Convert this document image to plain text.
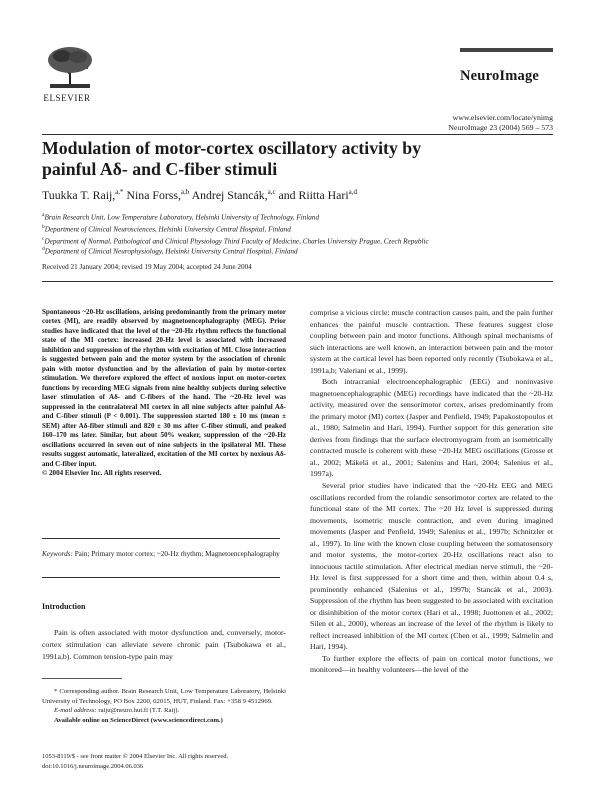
ELSEVIER
NeuroImage
www.elsevier.com/locate/ynimg
NeuroImage 23 (2004) 569 – 573
Modulation of motor-cortex oscillatory activity by painful Aδ- and C-fiber stimuli
Tuukka T. Raij,$^{a,*}$ Nina Forss,$^{a,b}$ Andrej Stancák,$^{a,c}$ and Riitta Hari$^{a,d}$
$^a$Brain Research Unit, Low Temperature Laboratory, Helsinki University of Technology, Finland
$^b$Department of Clinical Neurosciences, Helsinki University Central Hospital, Finland
$^c$Department of Normal, Pathological and Clinical Physiology Third Faculty of Medicine, Charles University Prague, Czech Republic
$^d$Department of Clinical Neurophysiology, Helsinki University Central Hospital, Finland
Received 21 January 2004; revised 19 May 2004; accepted 24 June 2004

Spontaneous ~20-Hz oscillations, arising predominantly from the primary motor cortex (MI), are readily observed by magnetoencephalography (MEG). Prior studies have indicated that the level of the ~20-Hz rhythm reflects the functional state of the MI cortex: increased 20-Hz level is associated with increased inhibition and suppression of the rhythm with excitation of MI. Close interaction is suggested between pain and the motor system by the association of chronic pain with motor dysfunction and by the alleviation of pain by motor-cortex stimulation. We therefore explored the effect of noxious input on motor-cortex functions by recording MEG signals from nine healthy subjects during selective laser stimulation of Aδ- and C-fibers of the hand. The ~20-Hz level was suppressed in the contralateral MI cortex in all nine subjects after painful Aδ- and C-fiber stimuli (P < 0.001). The suppression started 180 ± 10 ms (mean ± SEM) after Aδ-fiber stimuli and 820 ± 30 ms after C-fiber stimuli, and peaked 160–170 ms later. Similar, but about 50% weaker, suppression of the ~20-Hz oscillations occurred in seven out of nine subjects in the ipsilateral MI. These results suggest automatic, lateralized, excitation of the MI cortex by noxious Aδ- and C-fiber input.

© 2004 Elsevier Inc. All rights reserved.

Keywords: Pain; Primary motor cortex; ~20-Hz rhythm; Magnetoencephalography
Introduction

Pain is often associated with motor dysfunction and, conversely, motor-cortex stimulation can alleviate severe chronic pain (Tsubokawa et al., 1991a,b). Common tension-type pain may

* Corresponding author. Brain Research Unit, Low Temperature Laboratory, Helsinki University of Technology, PO Box 2200, 02015, HUT, Finland. Fax: +358 9 4512969.

E-mail address: raiju@neuro.hut.fi (T.T. Raij).

Available online on ScienceDirect (www.sciencedirect.com.)

1053-8119/$ - see front matter © 2004 Elsevier Inc. All rights reserved.
doi:10.1016/j.neuroimage.2004.06.036

comprise a vicious circle: muscle contraction causes pain, and the pain further enhances the painful muscle contraction. These features suggest close coupling between pain and motor functions. Although spinal mechanisms of such interactions are well known, an interaction between pain and the motor system at the cortical level has been reported only recently (Tsubokawa et al., 1991a,b; Valeriani et al., 1999).

Both intracranial electroencephalographic (EEG) and noninvasive magnetoencephalographic (MEG) recordings have indicated that the ~20-Hz activity, measured over the sensorimotor cortex, arises predominantly from the primary motor (MI) cortex (Jasper and Penfield, 1949; Papakostopoulos et al., 1980; Salmelin and Hari, 1994). Further support for this generation site derives from findings that the surface electromyogram from an isometrically contracted muscle is coherent with these ~20-Hz MEG oscillations (Grosse et al., 2002; Mäkelä et al., 2001; Salenius and Hari, 2004; Salenius et al., 1997a).

Several prior studies have indicated that the ~20-Hz EEG and MEG oscillations recorded from the rolandic sensorimotor cortex are related to the functional state of the MI cortex. The ~20 Hz level is suppressed during movements, isometric muscle contraction, and even during imagined movements (Jasper and Penfield, 1949; Salenius et al., 1997b; Schnitzler et al., 1997). In line with the known close coupling between the somatosensory and motor systems, the motor-cortex 20-Hz oscillations react also to innocuous tactile stimulation. After electrical median nerve stimuli, the ~20-Hz level is first suppressed for a short time and then, within about 0.4 s, prominently enhanced (Salenius et al., 1997b; Stancák et al., 2003). Suppression of the rhythm has been suggested to be associated with excitation or disinhibition of the motor cortex (Hari et al., 1998; Juottonen et al., 2002; Silen et al., 2000), whereas an increase of the level of the rhythm is likely to reflect increased inhibition of the MI cortex (Chen et al., 1999; Salmelin and Hari, 1994).

To further explore the effects of pain on cortical motor functions, we monitored—in healthy volunteers—the level of the
